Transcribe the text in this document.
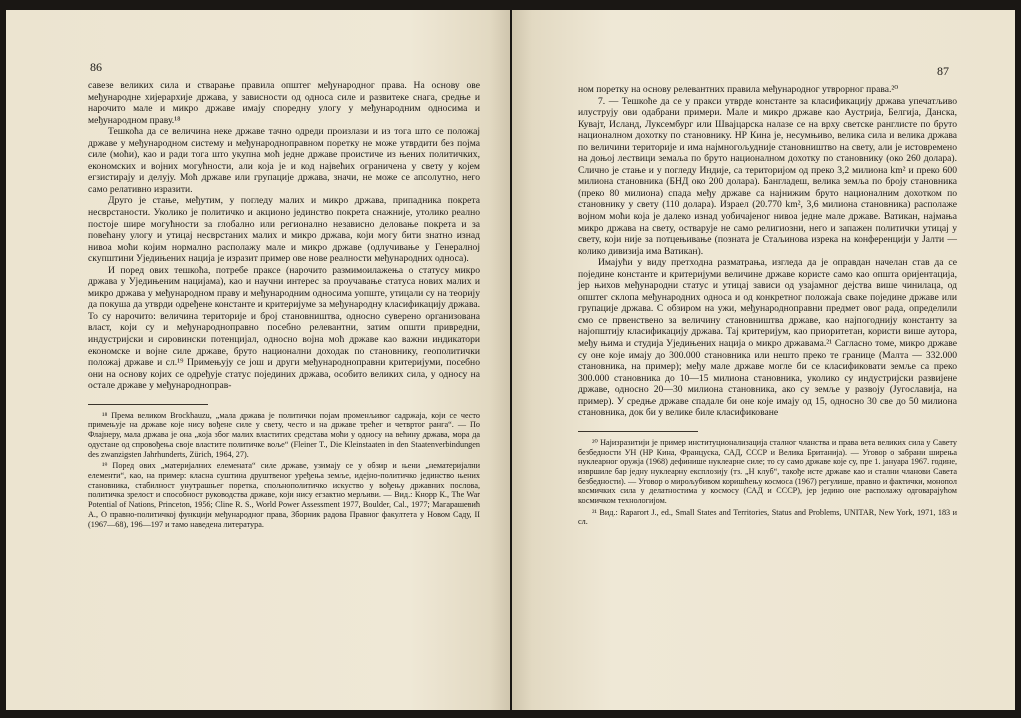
86

савезе великих сила и стварање правила општег међународног права. На основу ове међународне хијерархије држава, у зависности од односа силе и развитеке снага, средње и нарочито мале и микро државе имају споредну улогу у међународним односима и међународном праву.¹⁸

Тешкоћа да се величина неке државе тачно одреди произлази и из тога што се положај државе у међународном систему и међународноправном поретку не може утврдити без појма силе (моћи), као и ради тога што укупна моћ једне државе проистиче из њених политичких, економских и војних могућности, али која је и код највећих ограничена у свету у којем егзистирају и делују. Моћ државе или групације држава, значи, не може се апсолутно, него само релативно изразити.

Друго је стање, међутим, у погледу малих и микро држава, припадника покрета несврстаности. Уколико је политичко и акционо јединство покрета снажније, утолико реално постоје шире могућности за глобално или регионално независно деловање покрета и за повећану улогу и утицај несврстаних малих и микро држава, који могу бити знатно изнад нивоа моћи којим нормално располажу мале и микро државе (одлучивање у Генералној скупштини Уједињених нација је изразит пример ове нове реалности међународних односа).

И поред ових тешкоћа, потребе праксе (нарочито размимоилажења о статусу микро држава у Уједињеним нацијама), као и научни интерес за проучавање статуса нових малих и микро држава у међународном праву и међународним односима уопште, утицали су на теорију да покуша да утврди одређене константе и критеријуме за међународну класификацију држава. То су нарочито: величина територије и број становништва, односно суверено организована власт, који су и међународноправно посебно релевантни, затим општи привредни, индустријски и сировински потенцијал, односно војна моћ државе као важни индикатори економске и војне силе државе, бруто национални доходак по становнику, геополитички положај државе и сл.¹⁹ Примењују се још и други међународноправни критеријуми, посебно они на основу којих се одређује статус појединих држава, особито великих сила, у односу на остале државе у међународноправ-

¹⁸ Према великом Brockhauzu, „мала држава је политички појам променљивог садржаја, који се често примењује на државе које нису вођене силе у свету, често и на државе трећег и четвртог ранга“. — По Флајнеру, мала држава је она „која због малих властитих средстава моћи у односу на већину држава, мора да одустане од спровођења своје властите политичке воље“ (Fleiner T., Die Kleinstaaten in den Staatenverbindungen des zwanzigsten Jahrhunderts, Zürich, 1964, 27).

¹⁹ Поред ових „материјалних елемената“ силе државе, узимају се у обзир и њени „нематеријални елементи“, као, на пример: класна суштина друштвеног уређења земље, идејно-политичко јединство њених становника, стабилност унутрашњег поретка, спољнополитичко искуство у вођењу државних послова, политичка зрелост и способност руководства државе, који нису егзактно мерљиви. — Вид.: Кнорр К., The War Potential of Nations, Princeton, 1956; Cline R. S., World Power Assessment 1977, Boulder, Cal., 1977; Магарашевић А., О правно-политичкој функцији међународног права, Зборник радова Правног факултета у Новом Саду, II (1967—68), 196—197 и тамо наведена литература.

87

ном поретку на основу релевантних правила међународног утврорног права.²⁰

7. — Тешкоће да се у пракси утврде константе за класификацију држава упечатљиво илуструју ови одабрани примери. Мале и микро државе као Аустрија, Белгија, Данска, Кувајт, Исланд, Луксембург или Швајцарска налазе се на врху светске ранглисте по бруто националном дохотку по становнику. НР Кина је, несумњиво, велика сила и велика држава по величини територије и има најмногољудније становништво на свету, али је истовремено на доњој лествици земаља по бруто националном дохотку по становнику (око 260 долара). Слично је стање и у погледу Индије, са територијом од преко 3,2 милиона km² и преко 600 милиона становника (БНД око 200 долара). Бангладеш, велика земља по броју становника (преко 80 милиона) спада међу државе са најнижим бруто националним дохотком по становнику у свету (110 долара). Израел (20.770 km², 3,6 милиона становника) располаже војном моћи која је далеко изнад уобичајеног нивоа једне мале државе. Ватикан, најмања микро држава на свету, остварује не само религиозни, него и запажен политички утицај у свету, који није за потцењивање (позната је Стаљинова изрека на конференцији у Јалти — колико дивизија има Ватикан).

Имајући у виду претходна разматрања, изгледа да је оправдан начелан став да се поједине константе и критеријуми величине државе користе само као општа оријентација, јер њихов међународни статус и утицај зависи од узајамног дејства више чинилаца, од општег склопа међународних односа и од конкретног положаја сваке поједине државе или групације држава. С обзиром на ужи, међународноправни предмет овог рада, определили смо се првенствено за величину становништва државе, као најпогоднију константу за најопштију класификацију држава. Тај критеријум, као приоритетан, користи више аутора, међу њима и студија Уједињених нација о микро државама.²¹ Сагласно томе, микро државе су оне које имају до 300.000 становника или нешто преко те границе (Малта — 332.000 становника, на пример); међу мале државе могле би се класификовати земље са преко 300.000 становника до 10—15 милиона становника, уколико су индустријски развијене државе, односно 20—30 милиона становника, ако су земље у развоју (Југославија, на пример). У средње државе спадале би оне које имају од 15, односно 30 све до 50 милиона становника, док би у велике биле класификоване

²⁰ Најизразитији је пример институционализација сталног чланства и права вета великих сила у Савету безбедности УН (НР Кина, Француска, САД, СССР и Велика Британија). — Уговор о забрани ширења нуклеарног оружја (1968) дефинише нуклеарне силе; то су само државе које су, пре 1. јануара 1967. године, извршиле бар једну нуклеарну експлозију (тз. „Н клуб“, такође исте државе као и стални чланови Савета безбедности). — Уговор о мирољубивом коришћењу космоса (1967) регулише, правно и фактички, монопол космичких сила у делатностима у космосу (САД и СССР), јер једино оне располажу одговарајућом космичком технологијом.

²¹ Вид.: Raparort J., ed., Small States and Territories, Status and Problems, UNITAR, New York, 1971, 183 и сл.
